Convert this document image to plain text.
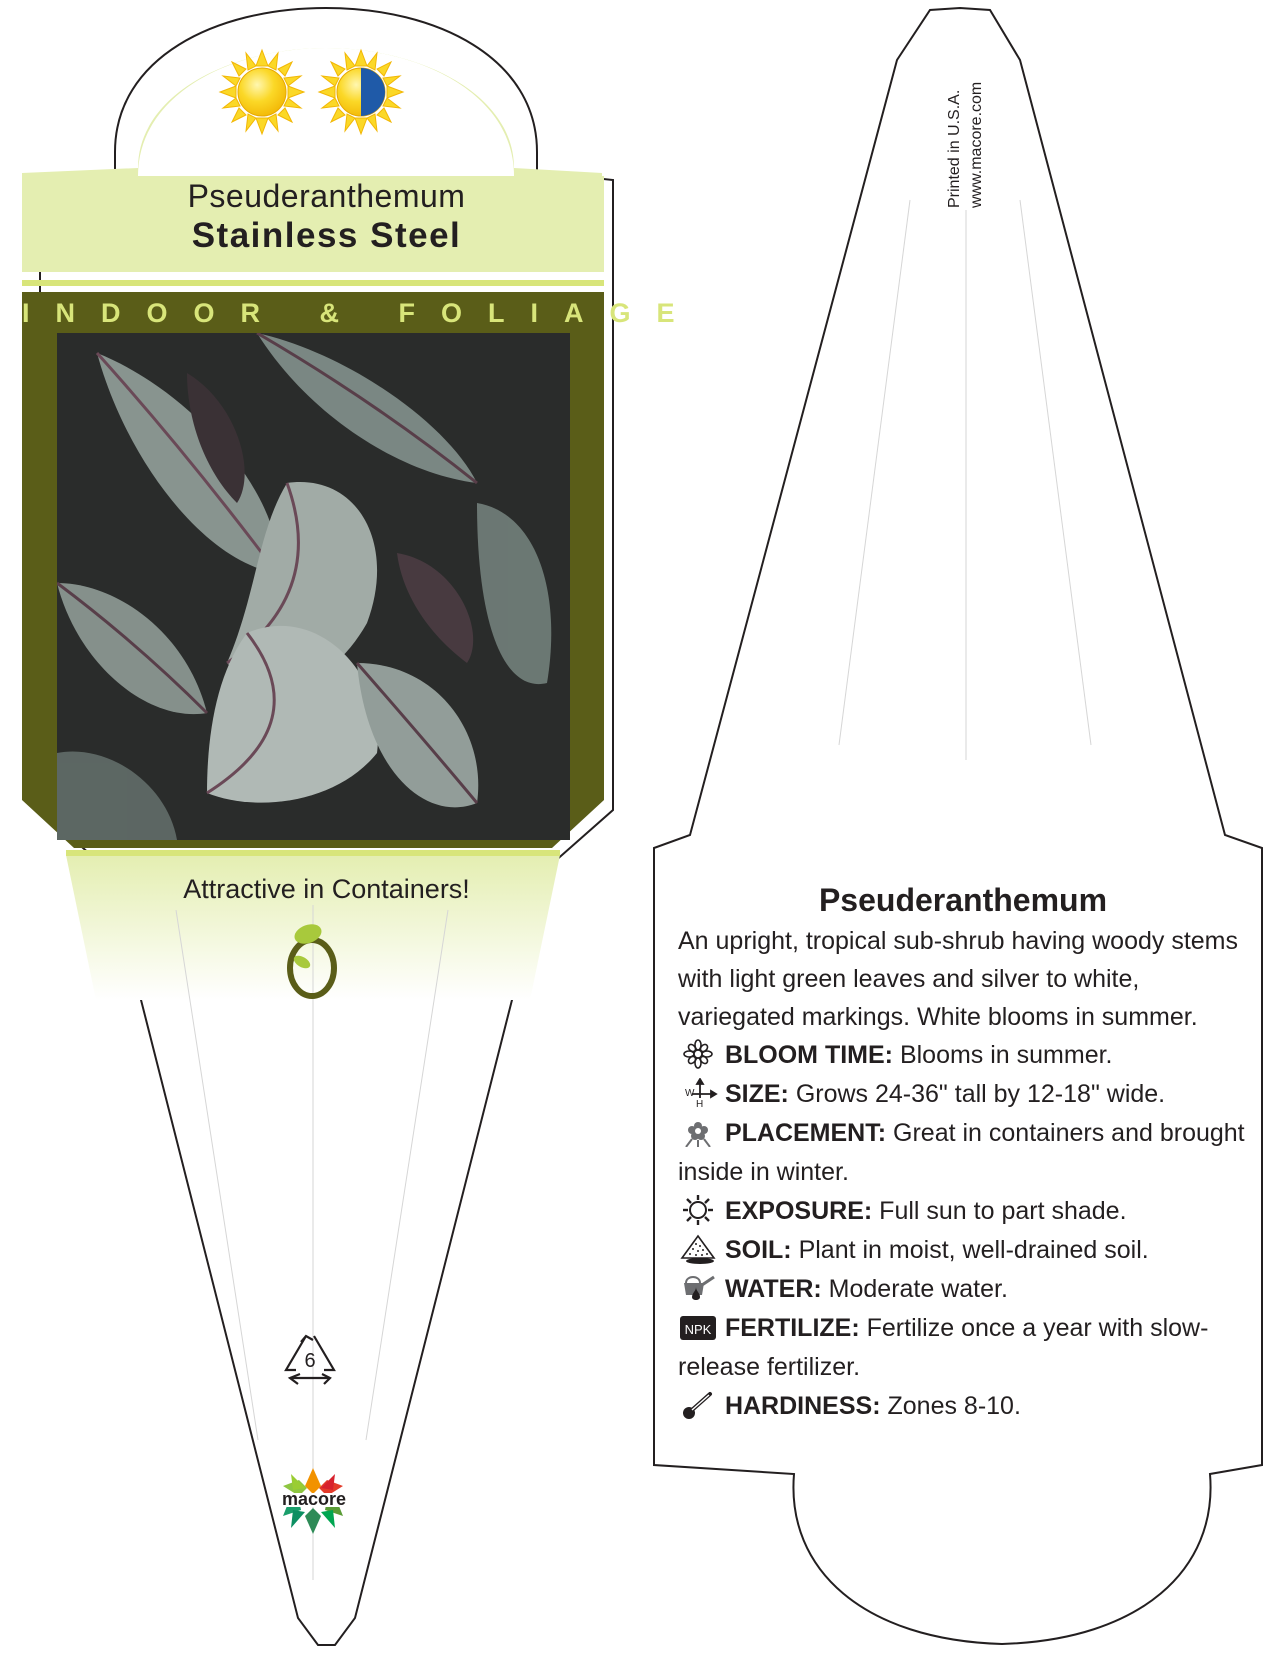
Pseuderanthemum
Stainless Steel
INDOOR & FOLIAGE
Attractive in Containers!
6
macore
Printed in U.S.A. www.macore.com
Pseuderanthemum
An upright, tropical sub-shrub having woody stems with light green leaves and silver to white, variegated markings. White blooms in summer.
BLOOM TIME: Blooms in summer.
W
H SIZE: Grows 24-36" tall by 12-18" wide.
PLACEMENT: Great in containers and brought inside in winter.
EXPOSURE: Full sun to part shade.
SOIL: Plant in moist, well-drained soil.
WATER: Moderate water.
NPK FERTILIZE: Fertilize once a year with slow-release fertilizer.
HARDINESS: Zones 8-10.
